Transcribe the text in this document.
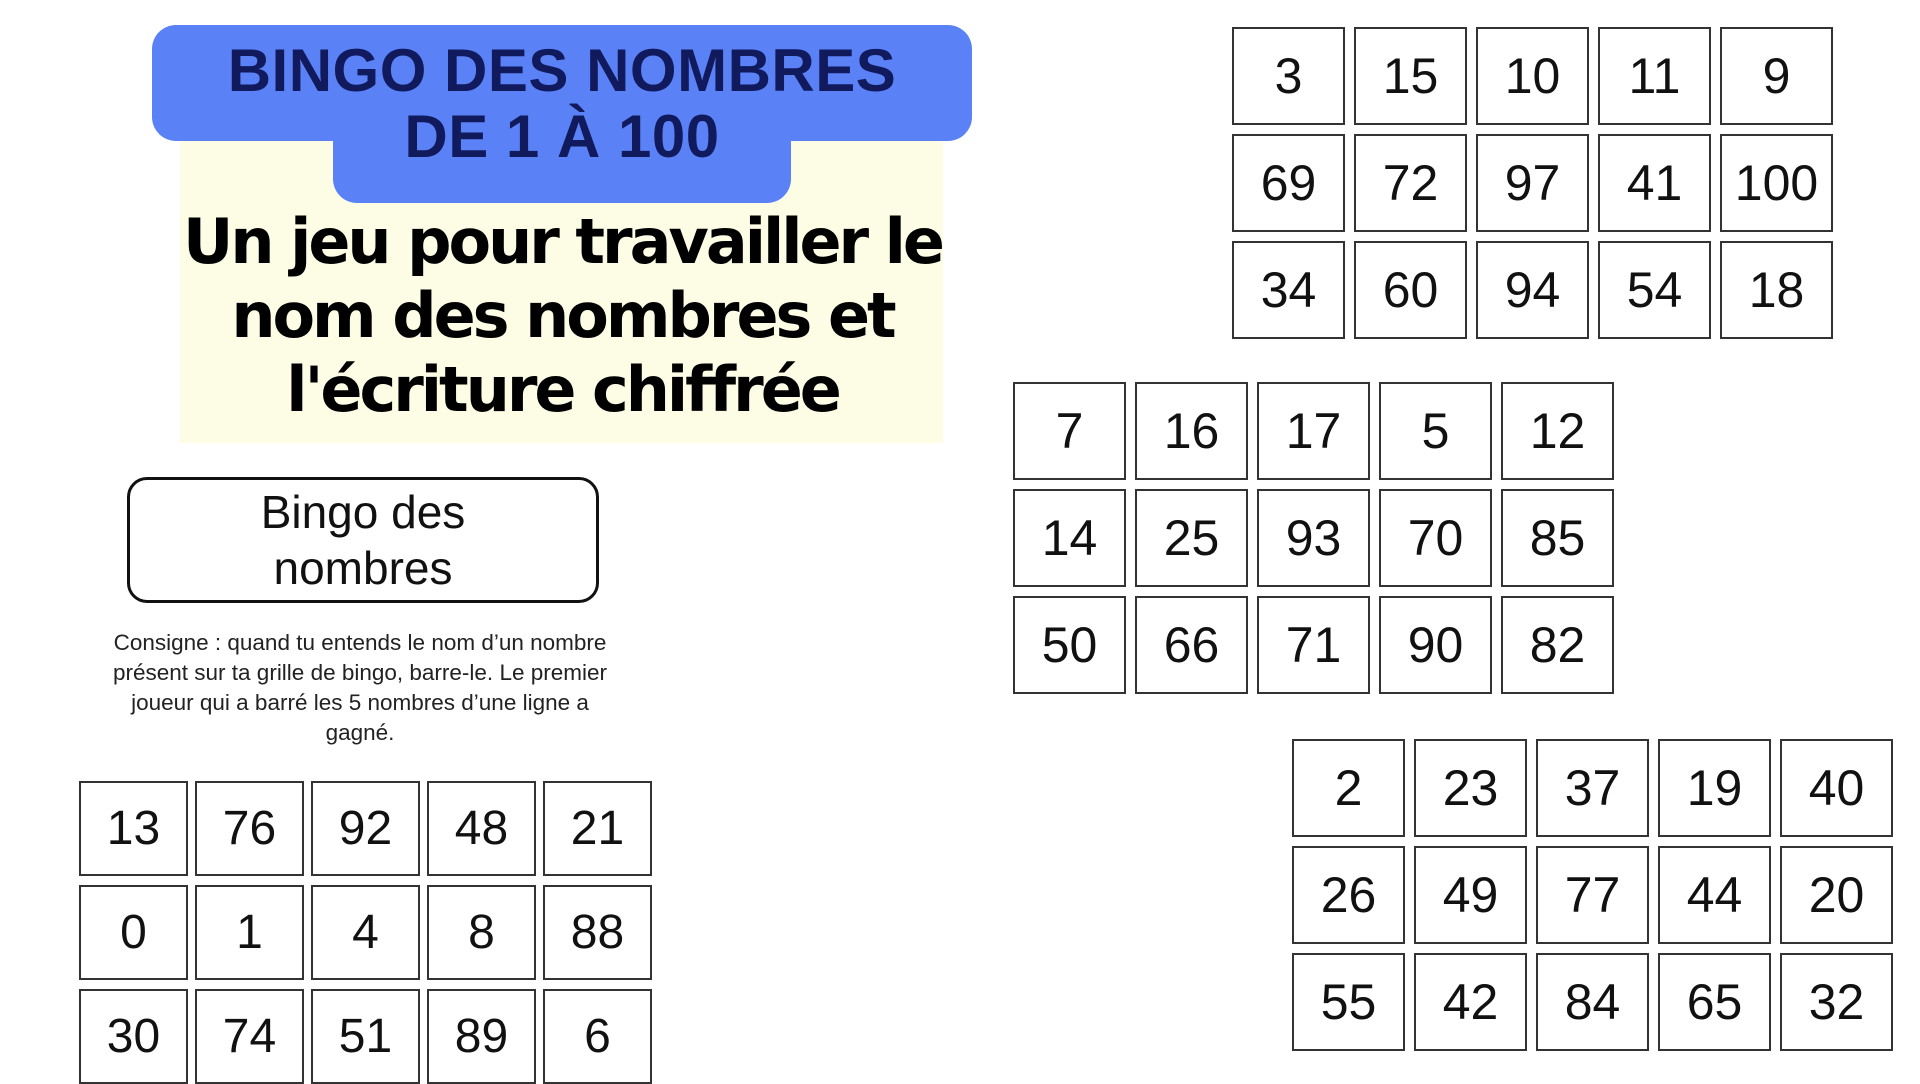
BINGO DES NOMBRES
DE 1 À 100
Un jeu pour travailler le
nom des nombres et
l'écriture chiffrée
Bingo des
nombres
Consigne : quand tu entends le nom d’un nombre
présent sur ta grille de bingo, barre-le. Le premier
joueur qui a barré les 5 nombres d’une ligne a
gagné.
3	15	10	11	9
69	72	97	41	100
34	60	94	54	18
7	16	17	5	12
14	25	93	70	85
50	66	71	90	82
2	23	37	19	40
26	49	77	44	20
55	42	84	65	32
13	76	92	48	21
0	1	4	8	88
30	74	51	89	6
